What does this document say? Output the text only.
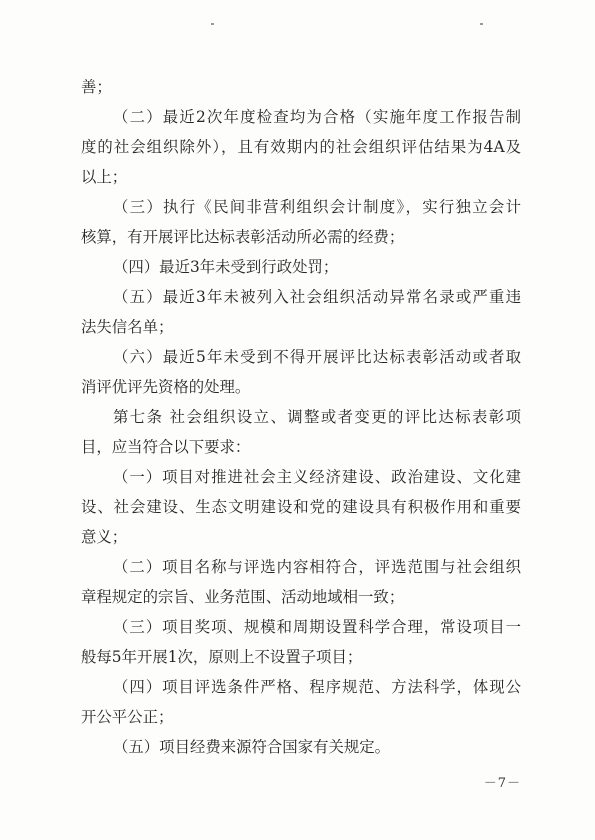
善；
（二）最近2次年度检查均为合格（实施年度工作报告制
度的社会组织除外），且有效期内的社会组织评估结果为4A及
以上；
（三）执行《民间非营利组织会计制度》，实行独立会计
核算，有开展评比达标表彰活动所必需的经费；
（四）最近3年未受到行政处罚；
（五）最近3年未被列入社会组织活动异常名录或严重违
法失信名单；
（六）最近5年未受到不得开展评比达标表彰活动或者取
消评优评先资格的处理。
第七条 社会组织设立、调整或者变更的评比达标表彰项
目，应当符合以下要求：
（一）项目对推进社会主义经济建设、政治建设、文化建
设、社会建设、生态文明建设和党的建设具有积极作用和重要
意义；
（二）项目名称与评选内容相符合，评选范围与社会组织
章程规定的宗旨、业务范围、活动地域相一致；
（三）项目奖项、规模和周期设置科学合理，常设项目一
般每5年开展1次，原则上不设置子项目；
（四）项目评选条件严格、程序规范、方法科学，体现公
开公平公正；
（五）项目经费来源符合国家有关规定。
－7－
